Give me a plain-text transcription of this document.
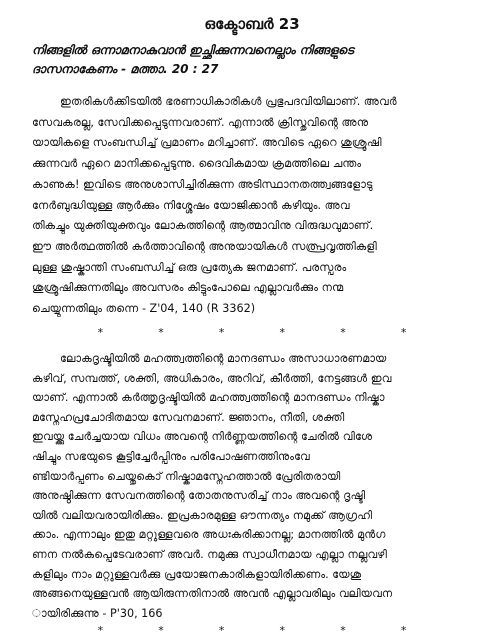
ഒക്ടോബർ 23
നിങ്ങളിൽ ഒന്നാമനാകുവാൻ ഇച്ഛിക്കുന്നവനെല്ലാം നിങ്ങളുടെ
ദാസനാകേണം - മത്താ. 20 : 27
ഇതരികൾക്കിടയിൽ ഭരണാധികാരികൾ പ്രഭുപദവിയിലാണ്. അവർ
സേവകരല്ല, സേവിക്കപ്പെടുന്നവരാണ്. എന്നാൽ ക്രിസ്തുവിന്റെ അനു
യായികളെ സംബന്ധിച്ച് പ്രമാണം മറിച്ചാണ്. അവിടെ ഏറെ ശുശ്രൂഷി
ക്കുന്നവർ ഏറെ മാനിക്കപ്പെടുന്നു. ദൈവികമായ ക്രമത്തിലെ ചന്തം
കാണുക! ഇവിടെ അനുശാസിച്ചിരിക്കുന്ന അടിസ്ഥാനതത്ത്വങ്ങളോടു
നേർബുദ്ധിയുള്ള ആർക്കും നിശ്ശേഷം യോജിക്കാൻ കഴിയും. അവ
തികച്ചും യുക്തിയുക്തവും ലോകത്തിന്റെ ആത്മാവിനു വിരുദ്ധവുമാണ്.
ഈ അർത്ഥത്തിൽ കർത്താവിന്റെ അനുയായികൾ സത്പ്രവൃത്തികളി
ലുള്ള ശുഷ്കാന്തി സംബന്ധിച്ച് ഒരു പ്രത്യേക ജനമാണ്. പരസ്പരം
ശുശ്രൂഷിക്കുന്നതിലും അവസരം കിട്ടുംപോലെ എല്ലാവർക്കും നന്മ
ചെയ്യുന്നതിലും തന്നെ - Z'04, 140 (R 3362)
*	*	*	*	*	*
ലോകദൃഷ്ടിയിൽ മഹത്ത്വത്തിന്റെ മാനദണ്ഡം അസാധാരണമായ
കഴിവ്, സമ്പത്ത്, ശക്തി, അധികാരം, അറിവ്, കീർത്തി, നേട്ടങ്ങൾ ഇവ
യാണ്. എന്നാൽ കർത്തൃദൃഷ്ടിയിൽ മഹത്ത്വത്തിന്റെ മാനദണ്ഡം നിഷ്കാ
മസ്നേഹപ്രചോദിതമായ സേവനമാണ്. ജ്ഞാനം, നീതി, ശക്തി
ഇവയ്ക്കു ചേർച്ചയായ വിധം അവന്റെ നിർണ്ണയത്തിന്റെ ചേരിൽ വിശേ
ഷിച്ചും സഭയുടെ കൂട്ടിച്ചേർപ്പിനും പരിപോഷണത്തിനുംവേ
ണ്ടിയാർപ്പണം ചെയ്തുകൊ് നിഷ്കാമസ്നേഹത്താൽ പ്രേരിതരായി
അനുഷ്ഠിക്കുന്ന സേവനത്തിന്റെ തോതനുസരിച്ച് നാം അവന്റെ ദൃഷ്ടി
യിൽ വലിയവരായിരിക്കും. ഇപ്രകാരമുള്ള ഔന്നത്യം നമുക്ക് ആഗ്രഹി
ക്കാം. എന്നാലും ഇതു മറ്റുള്ളവരെ അധഃകരിക്കാനല്ല; മാനത്തിൽ മുൻഗ
ണന നൽകപ്പെടേവരാണ് അവർ. നമുക്കു സ്വാധീനമായ എല്ലാ നല്ലവഴി
കളിലും നാം മറ്റുള്ളവർക്കു പ്രയോജനകാരികളായിരിക്കണം. യേശു
അങ്ങനെയുള്ളവൻ ആയിരുന്നതിനാൽ അവൻ എല്ലാവരിലും വലിയവന
ായിരിക്കുന്നു - P'30, 166
*	*	*	*	*	*
